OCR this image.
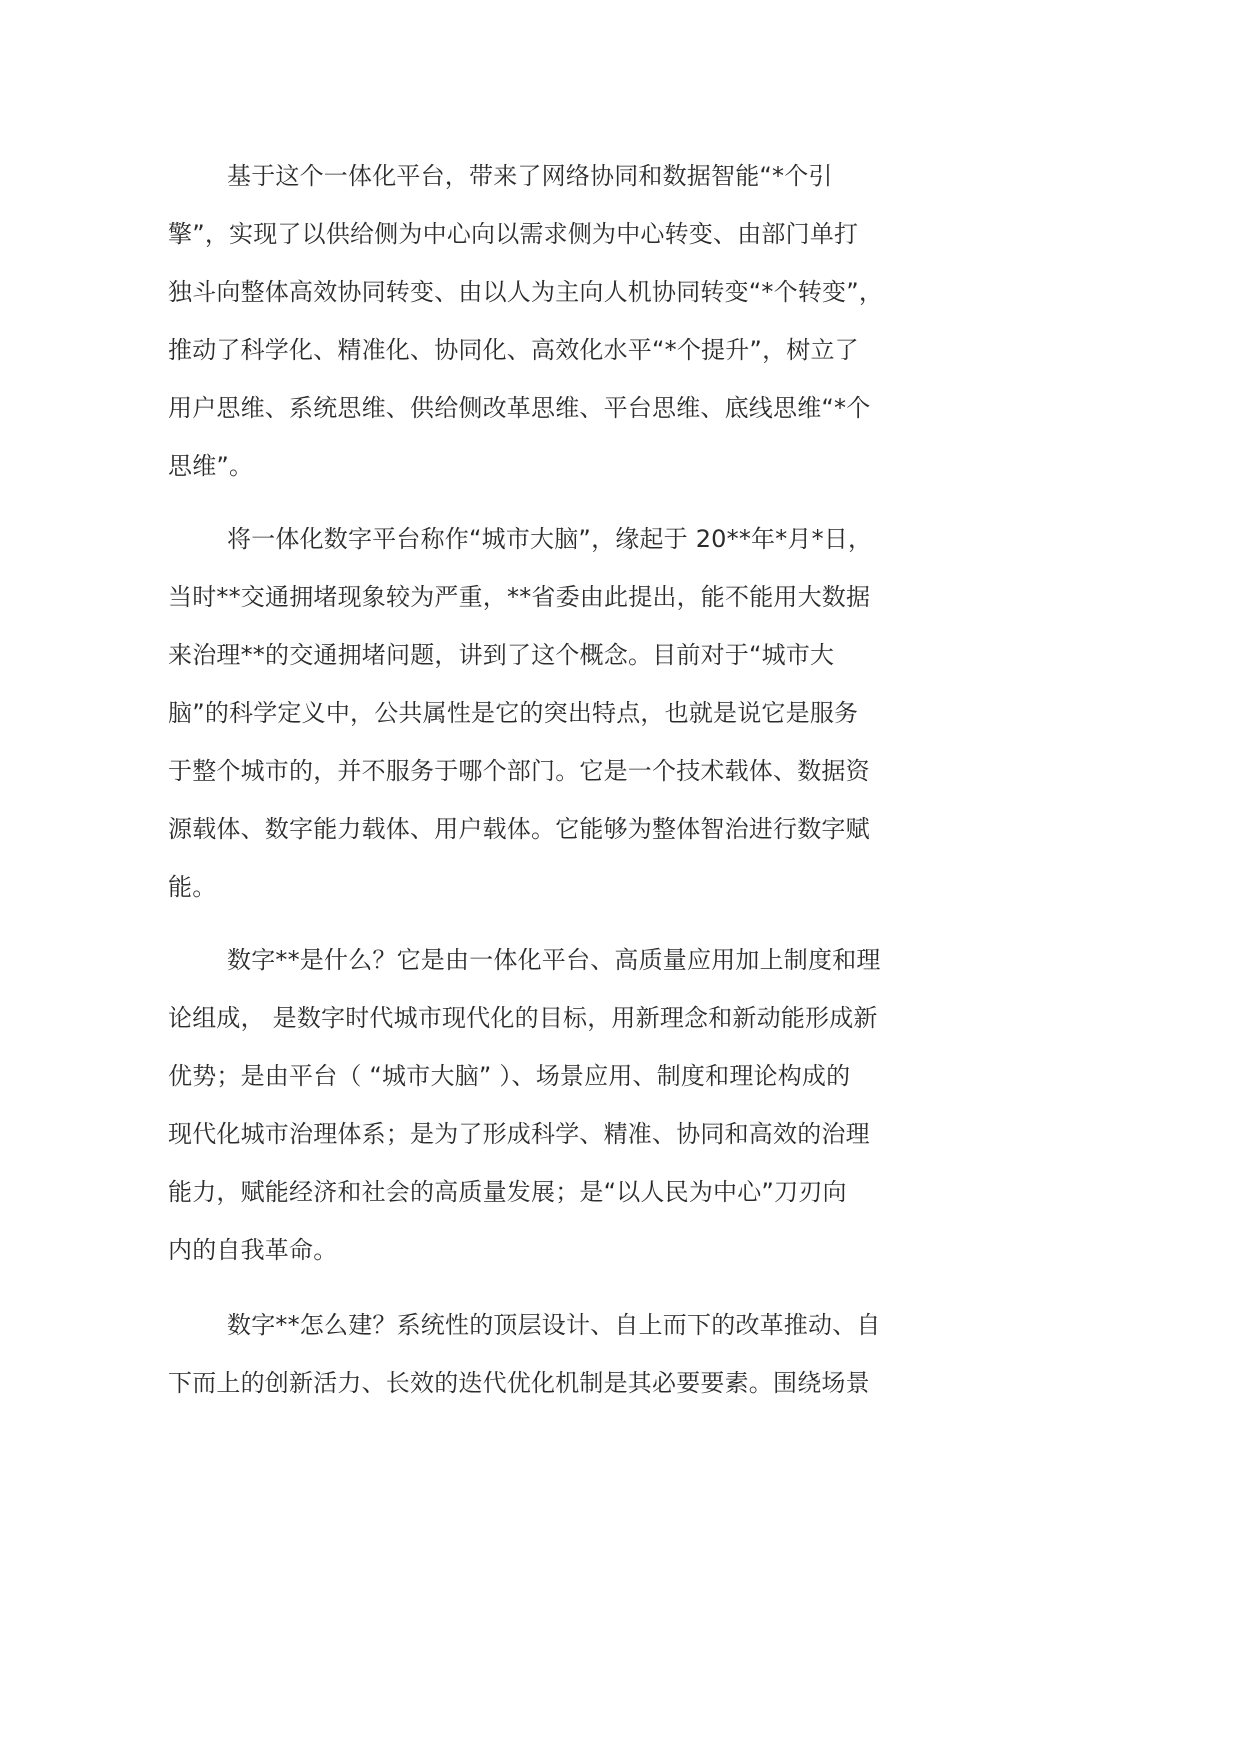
基于这个一体化平台，带来了网络协同和数据智能“*个引

擎”，实现了以供给侧为中心向以需求侧为中心转变、由部门单打

独斗向整体高效协同转变、由以人为主向人机协同转变“*个转变”，

推动了科学化、精准化、协同化、高效化水平“*个提升”，树立了

用户思维、系统思维、供给侧改革思维、平台思维、底线思维“*个

思维”。

将一体化数字平台称作“城市大脑”，缘起于 20**年*月*日，

当时**交通拥堵现象较为严重，**省委由此提出，能不能用大数据

来治理**的交通拥堵问题，讲到了这个概念。目前对于“城市大

脑”的科学定义中，公共属性是它的突出特点，也就是说它是服务

于整个城市的，并不服务于哪个部门。它是一个技术载体、数据资

源载体、数字能力载体、用户载体。它能够为整体智治进行数字赋

能。

数字**是什么？它是由一体化平台、高质量应用加上制度和理

论组成， 是数字时代城市现代化的目标，用新理念和新动能形成新

优势；是由平台（ “城市大脑” ）、场景应用、制度和理论构成的

现代化城市治理体系；是为了形成科学、精准、协同和高效的治理

能力，赋能经济和社会的高质量发展；是“以人民为中心”刀刃向

内的自我革命。

数字**怎么建？系统性的顶层设计、自上而下的改革推动、自

下而上的创新活力、长效的迭代优化机制是其必要要素。围绕场景
